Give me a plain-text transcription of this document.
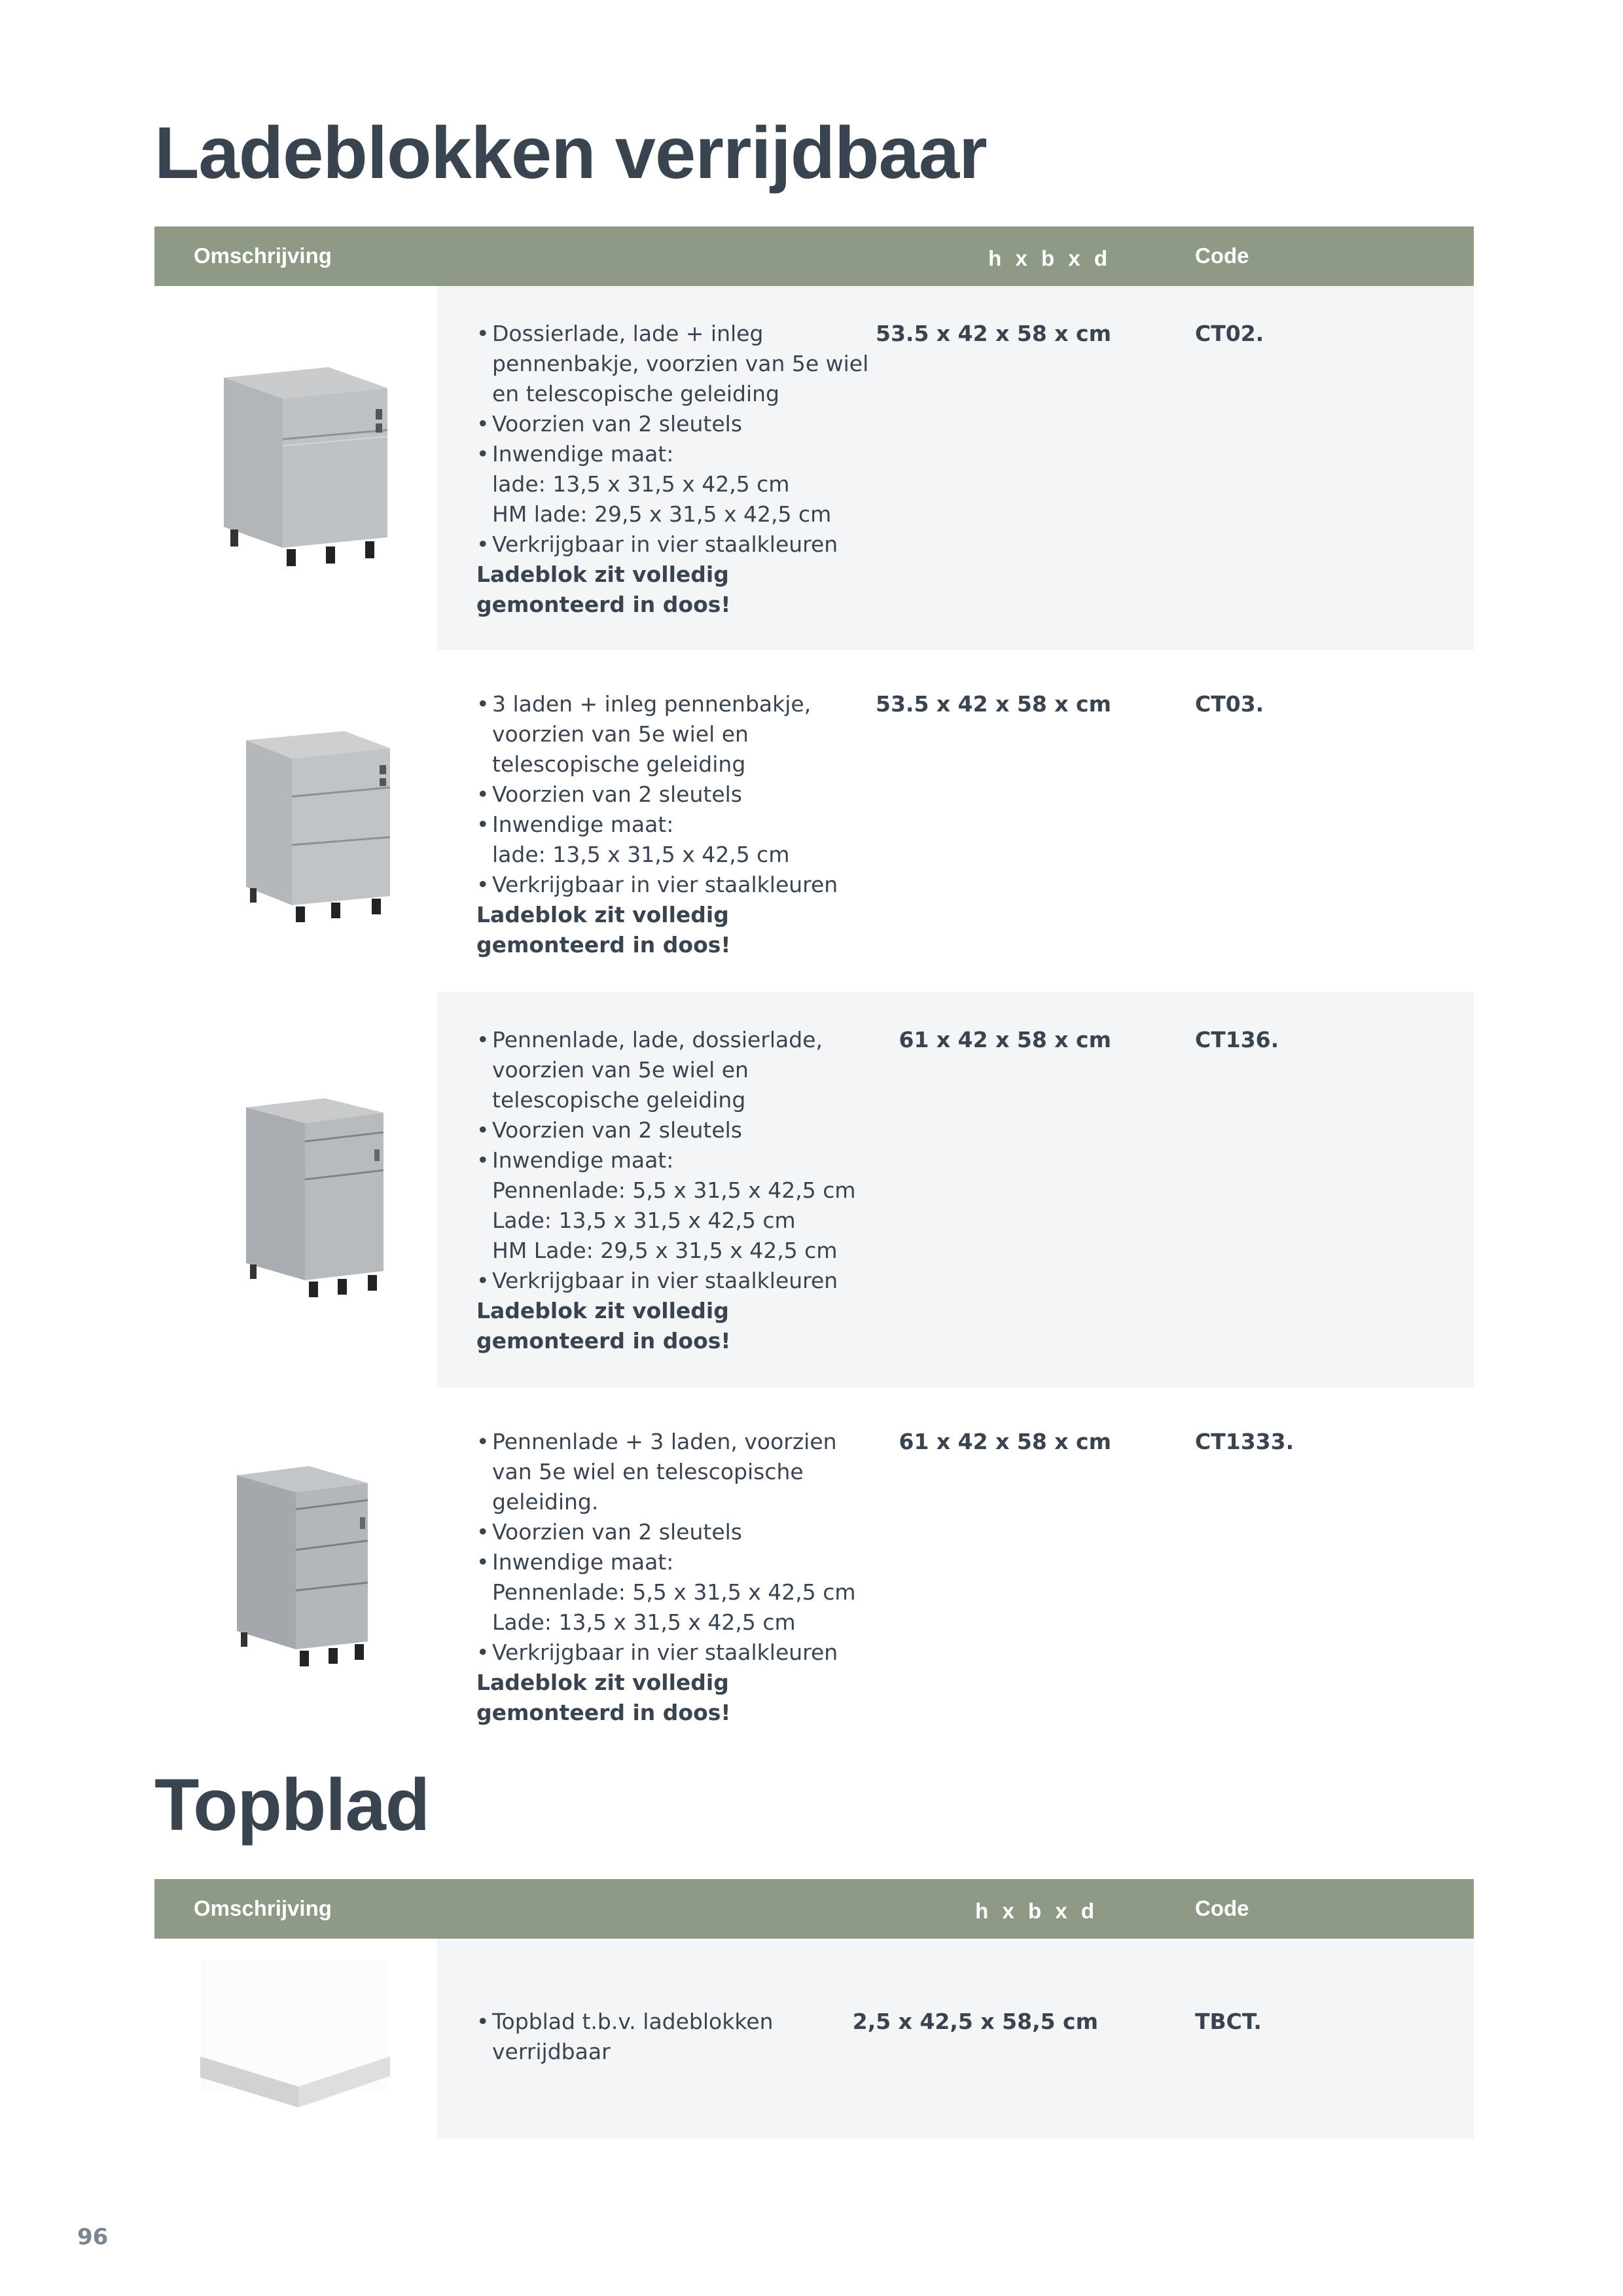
Ladeblokken verrijdbaar
Omschrijving	h x b x d	Code
• Dossierlade, lade + inleg pennenbakje, voorzien van 5e wiel en telescopische geleiding
• Voorzien van 2 sleutels
• Inwendige maat:
lade: 13,5 x 31,5 x 42,5 cm
HM lade: 29,5 x 31,5 x 42,5 cm
• Verkrijgbaar in vier staalkleuren
Ladeblok zit volledig gemonteerd in doos!
53.5 x 42 x 58 x cm	CT02.
• 3 laden + inleg pennenbakje, voorzien van 5e wiel en telescopische geleiding
• Voorzien van 2 sleutels
• Inwendige maat:
lade: 13,5 x 31,5 x 42,5 cm
• Verkrijgbaar in vier staalkleuren
Ladeblok zit volledig gemonteerd in doos!
53.5 x 42 x 58 x cm	CT03.
• Pennenlade, lade, dossierlade, voorzien van 5e wiel en telescopische geleiding
• Voorzien van 2 sleutels
• Inwendige maat:
Pennenlade: 5,5 x 31,5 x 42,5 cm
Lade: 13,5 x 31,5 x 42,5 cm
HM Lade: 29,5 x 31,5 x 42,5 cm
• Verkrijgbaar in vier staalkleuren
Ladeblok zit volledig gemonteerd in doos!
61 x 42 x 58 x cm	CT136.
• Pennenlade + 3 laden, voorzien van 5e wiel en telescopische geleiding.
• Voorzien van 2 sleutels
• Inwendige maat:
Pennenlade: 5,5 x 31,5 x 42,5 cm
Lade: 13,5 x 31,5 x 42,5 cm
• Verkrijgbaar in vier staalkleuren
Ladeblok zit volledig gemonteerd in doos!
61 x 42 x 58 x cm	CT1333.
Topblad
Omschrijving	h x b x d	Code
• Topblad t.b.v. ladeblokken verrijdbaar
2,5 x 42,5 x 58,5 cm	TBCT.
96
